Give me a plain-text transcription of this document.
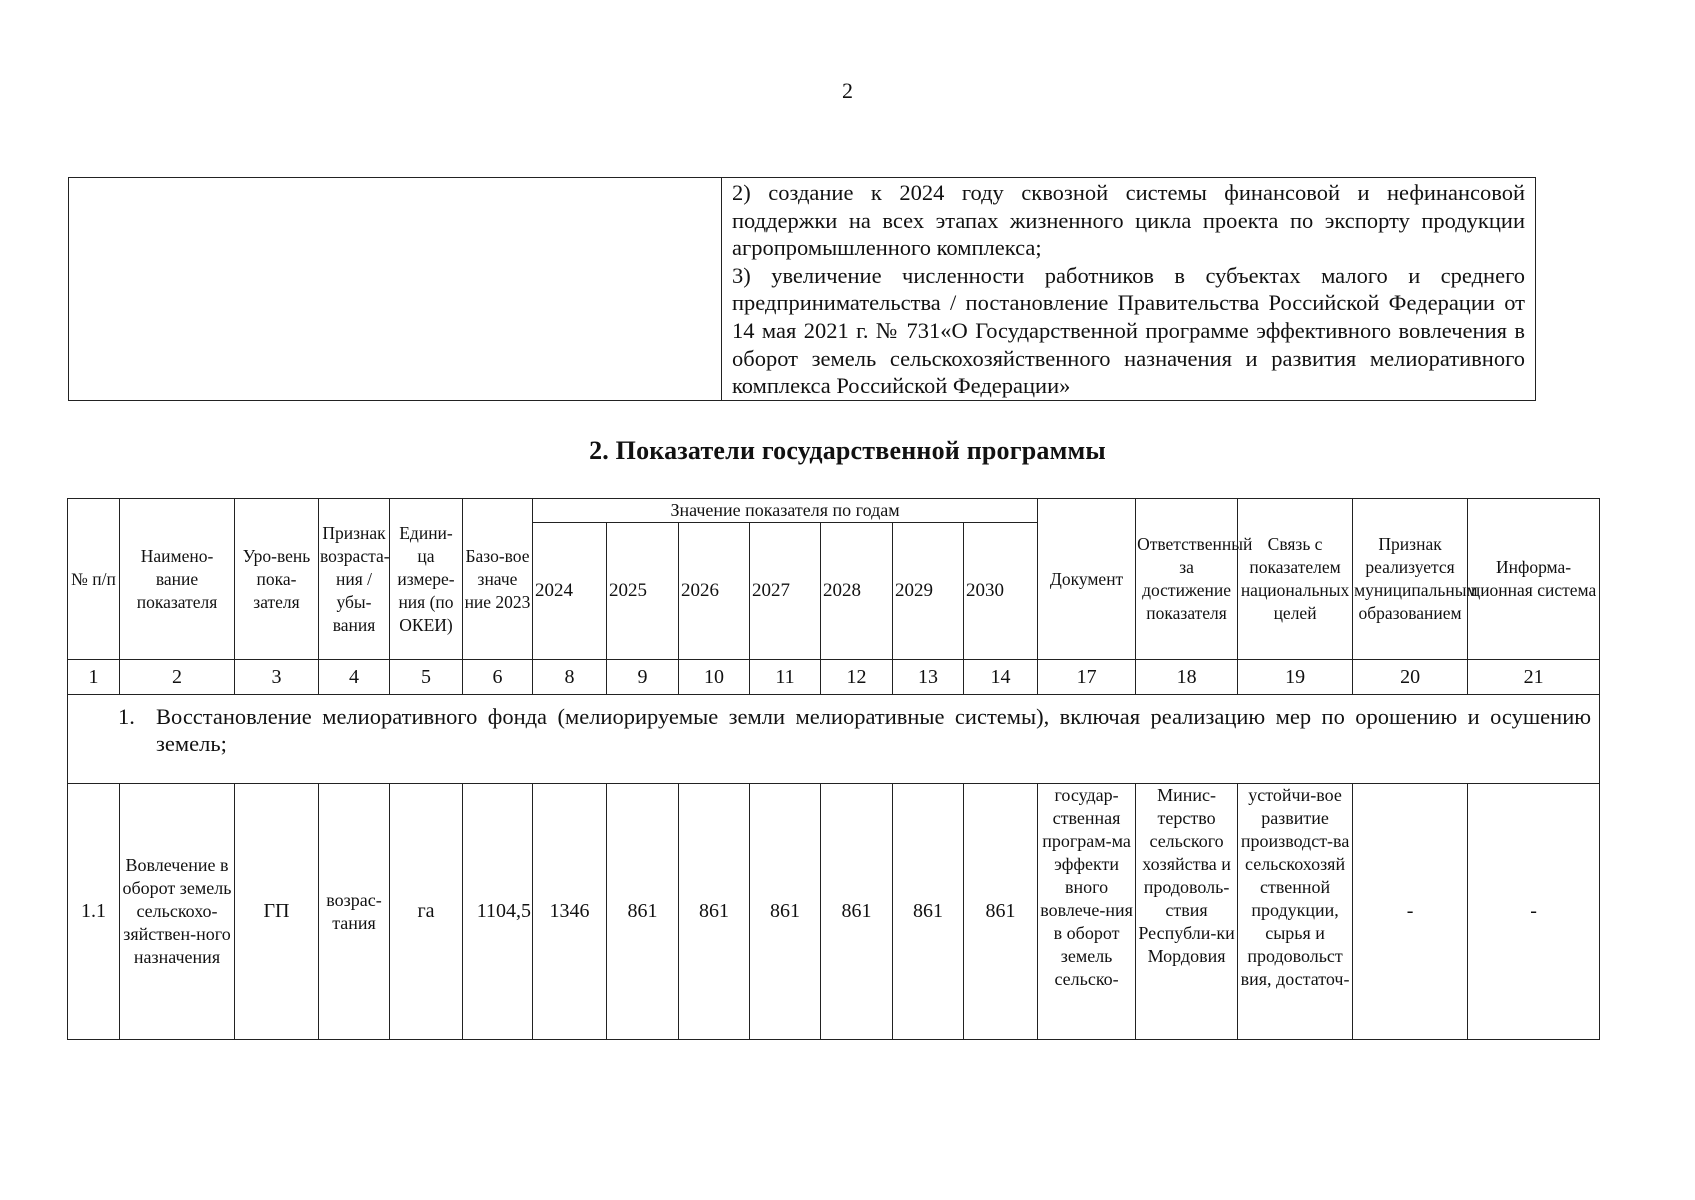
2

2) создание к 2024 году сквозной системы финансовой и нефинансовой поддержки на всех этапах жизненного цикла проекта по экспорту продукции агропромышленного комплекса;

3) увеличение численности работников в субъектах малого и среднего предпринимательства / постановление Правительства Российской Федерации от 14 мая 2021 г. № 731«О Государственной программе эффективного вовлечения в оборот земель сельскохозяйственного назначения и развития мелиоративного комплекса Российской Федерации»

2. Показатели государственной программы
№ п/п	Наимено-вание показателя	Уро-вень пока-зателя	Признак возраста-ния / убы-вания	Едини-ца измере-ния (по ОКЕИ)	Базо-вое значе ние 2023	Значение показателя по годам							Документ	Ответственный за достижение показателя	Связь с показателем национальных целей	Признак реализуется муниципальным образованием	Информа-ционная система
						2024	2025	2026	2027	2028	2029	2030					
1	2	3	4	5	6	8	9	10	11	12	13	14	17	18	19	20	21

1. Восстановление мелиоративного фонда (мелиорируемые земли мелиоративные системы), включая реализацию мер по орошению и осушению земель;																	

1.1	Вовлечение в оборот земель сельскохо-зяйствен-ного назначения	ГП	возрас-тания	га	1104,5	1346	861	861	861	861	861	861	государ-ственная програм-ма эффекти вного вовлече-ния в оборот земель сельско-	Минис-терство сельского хозяйства и продоволь-ствия Республи-ки Мордовия	устойчи-вое развитие производст-ва сельскохозяй ственной продукции, сырья и продовольст вия, достаточ-	-	-
